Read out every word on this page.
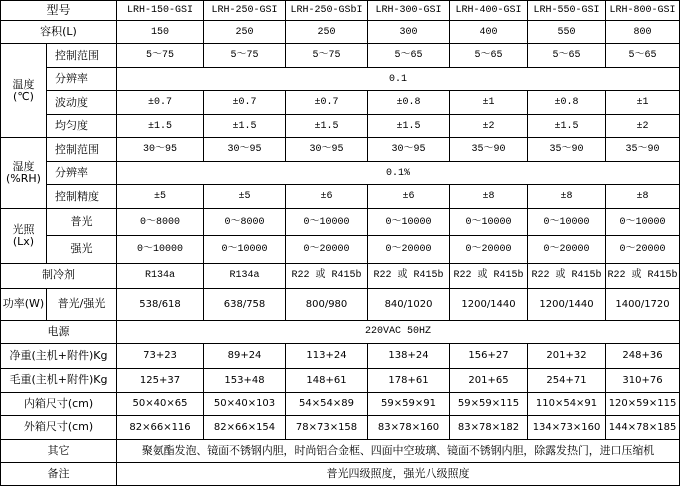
型号		LRH-150-GSI	LRH-250-GSI	LRH-250-GSbI	LRH-300-GSI	LRH-400-GSI	LRH-550-GSI	LRH-800-GSI
容积(L)		150	250	250	300	400	550	800

温度
(℃)	控制范围	5～75	5～75	5～75	5～65	5～65	5～65	5～65
	分辨率	0.1						
	波动度	±0.7	±0.7	±0.7	±0.8	±1	±0.8	±1
	均匀度	±1.5	±1.5	±1.5	±1.5	±2	±1.5	±2

湿度
(%RH)	控制范围	30～95	30～95	30～95	30～95	35～90	35～90	35～90
	分辨率	0.1%						
	控制精度	±5	±5	±6	±6	±8	±8	±8

光照
(Lx)	普光	0～8000	0～8000	0～10000	0～10000	0～10000	0～10000	0～10000
	强光	0～10000	0～10000	0～20000	0～20000	0～20000	0～20000	0～20000
制冷剂		R134a	R134a	R22 或 R415b	R22 或 R415b	R22 或 R415b	R22 或 R415b	R22 或 R415b
功率(W)	普光/强光	538/618	638/758	800/980	840/1020	1200/1440	1200/1440	1400/1720
电源		220VAC 50HZ						
净重(主机+附件)Kg		73+23	89+24	113+24	138+24	156+27	201+32	248+36
毛重(主机+附件)Kg		125+37	153+48	148+61	178+61	201+65	254+71	310+76
内箱尺寸(cm)		50×40×65	50×40×103	54×54×89	59×59×91	59×59×115	110×54×91	120×59×115
外箱尺寸(cm)		82×66×116	82×66×154	78×73×158	83×78×160	83×78×182	134×73×160	144×78×185
其它		聚氨酯发泡、镜面不锈钢内胆，时尚铝合金框、四面中空玻璃、镜面不锈钢内胆，除露发热门，进口压缩机						
备注		普光四级照度，强光八级照度						
